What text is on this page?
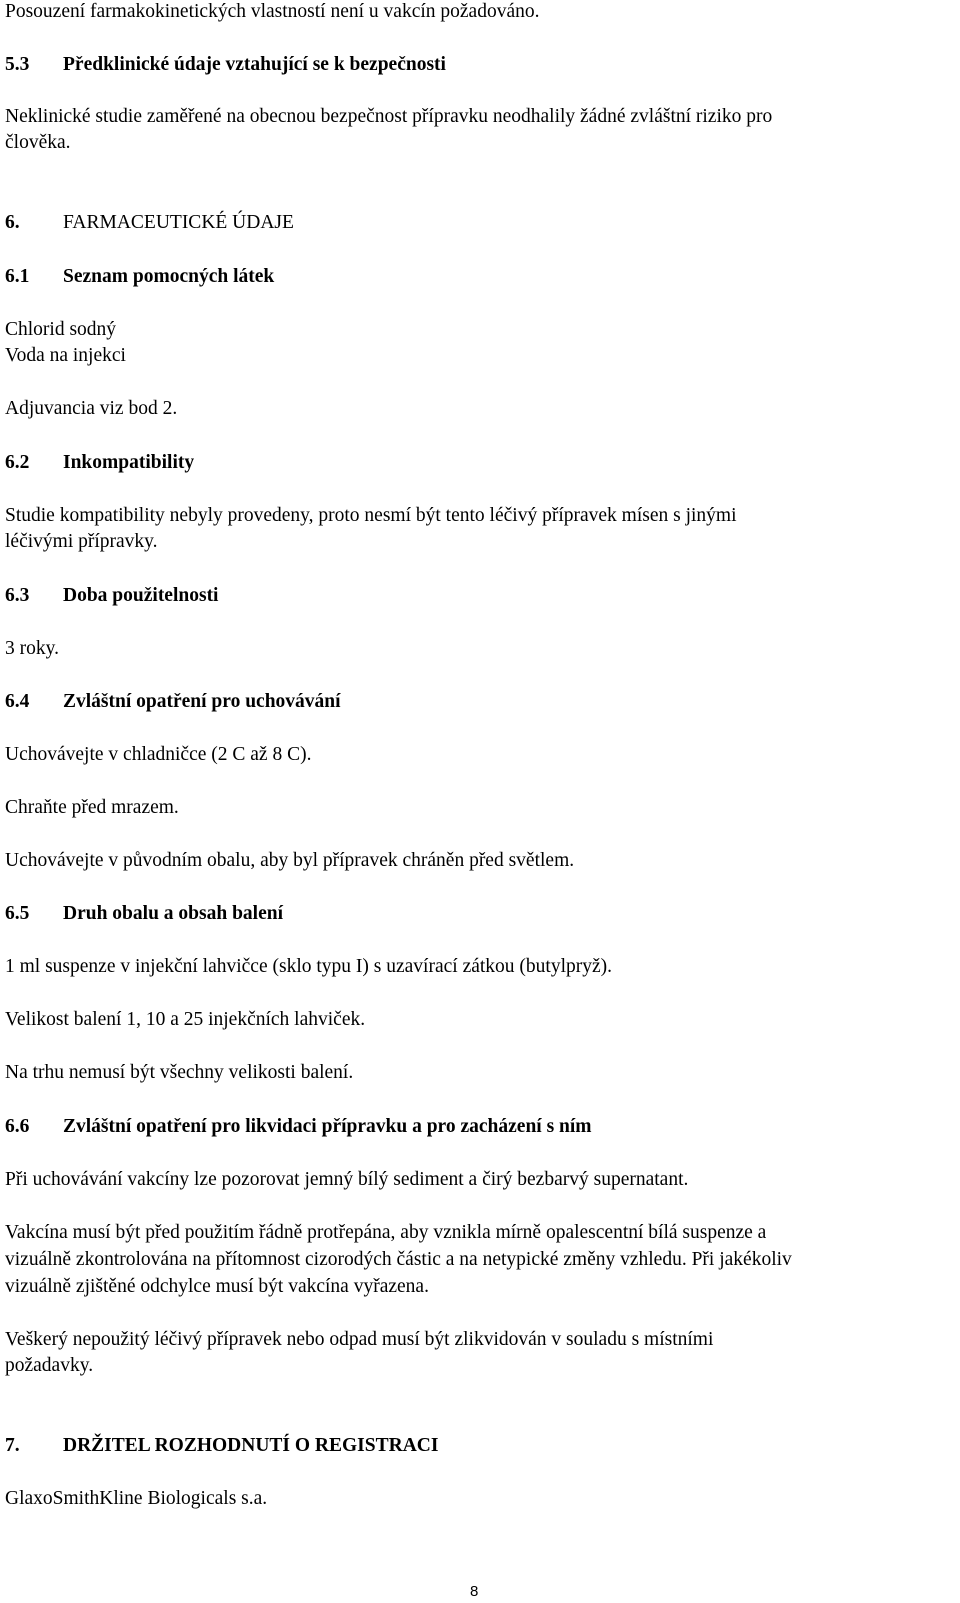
Posouzení farmakokinetických vlastností není u vakcín požadováno.

5.3 Předklinické údaje vztahující se k bezpečnosti

Neklinické studie zaměřené na obecnou bezpečnost přípravku neodhalily žádné zvláštní riziko pro

člověka.

6. FARMACEUTICKÉ ÚDAJE
6.1 Seznam pomocných látek

Chlorid sodný

Voda na injekci

Adjuvancia viz bod 2.

6.2 Inkompatibility

Studie kompatibility nebyly provedeny, proto nesmí být tento léčivý přípravek mísen s jinými

léčivými přípravky.

6.3 Doba použitelnosti

3 roky.

6.4 Zvláštní opatření pro uchovávání

Uchovávejte v chladničce (2 C až 8 C).

Chraňte před mrazem.

Uchovávejte v původním obalu, aby byl přípravek chráněn před světlem.

6.5 Druh obalu a obsah balení

1 ml suspenze v injekční lahvičce (sklo typu I) s uzavírací zátkou (butylpryž).

Velikost balení 1, 10 a 25 injekčních lahviček.

Na trhu nemusí být všechny velikosti balení.

6.6 Zvláštní opatření pro likvidaci přípravku a pro zacházení s ním

Při uchovávání vakcíny lze pozorovat jemný bílý sediment a čirý bezbarvý supernatant.

Vakcína musí být před použitím řádně protřepána, aby vznikla mírně opalescentní bílá suspenze a

vizuálně zkontrolována na přítomnost cizorodých částic a na netypické změny vzhledu. Při jakékoliv

vizuálně zjištěné odchylce musí být vakcína vyřazena.

Veškerý nepoužitý léčivý přípravek nebo odpad musí být zlikvidován v souladu s místními

požadavky.

7. DRŽITEL ROZHODNUTÍ O REGISTRACI

GlaxoSmithKline Biologicals s.a.

8
